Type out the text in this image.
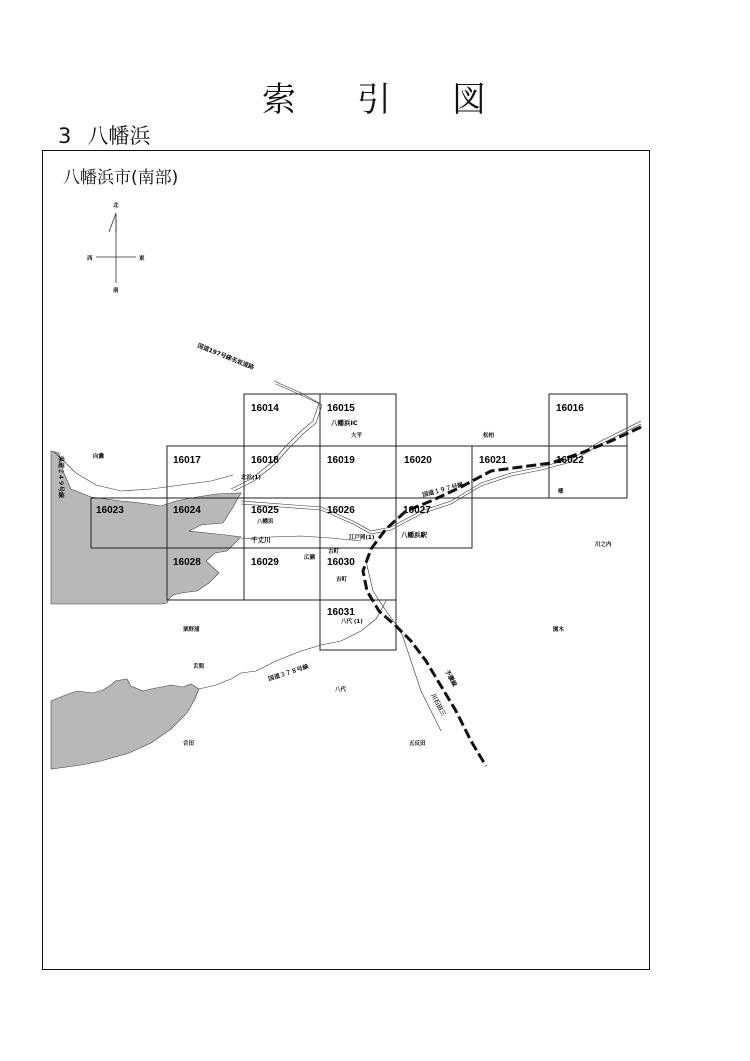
索 引 図
3 八幡浜
八幡浜市(南部)
北
南
東
西
16014	16015	16016
16017	16018	16019	16020	16021	16022
16023	16024	16025	16026	16027
16028	16029	16030
16031
国道197号線名坂道路
八幡浜IC
大平	松柏
向灘
県道２４９号線	北浜(1)
国道１９７号線	郷
八幡浜
江戸岡(1)	八幡浜駅
川之内
千丈川
広瀬
古町
吉町
八代 (1)
栗野浦	園木
舌間	国道３７８号線
八代
予讃線
川石田三
合田	五反田
